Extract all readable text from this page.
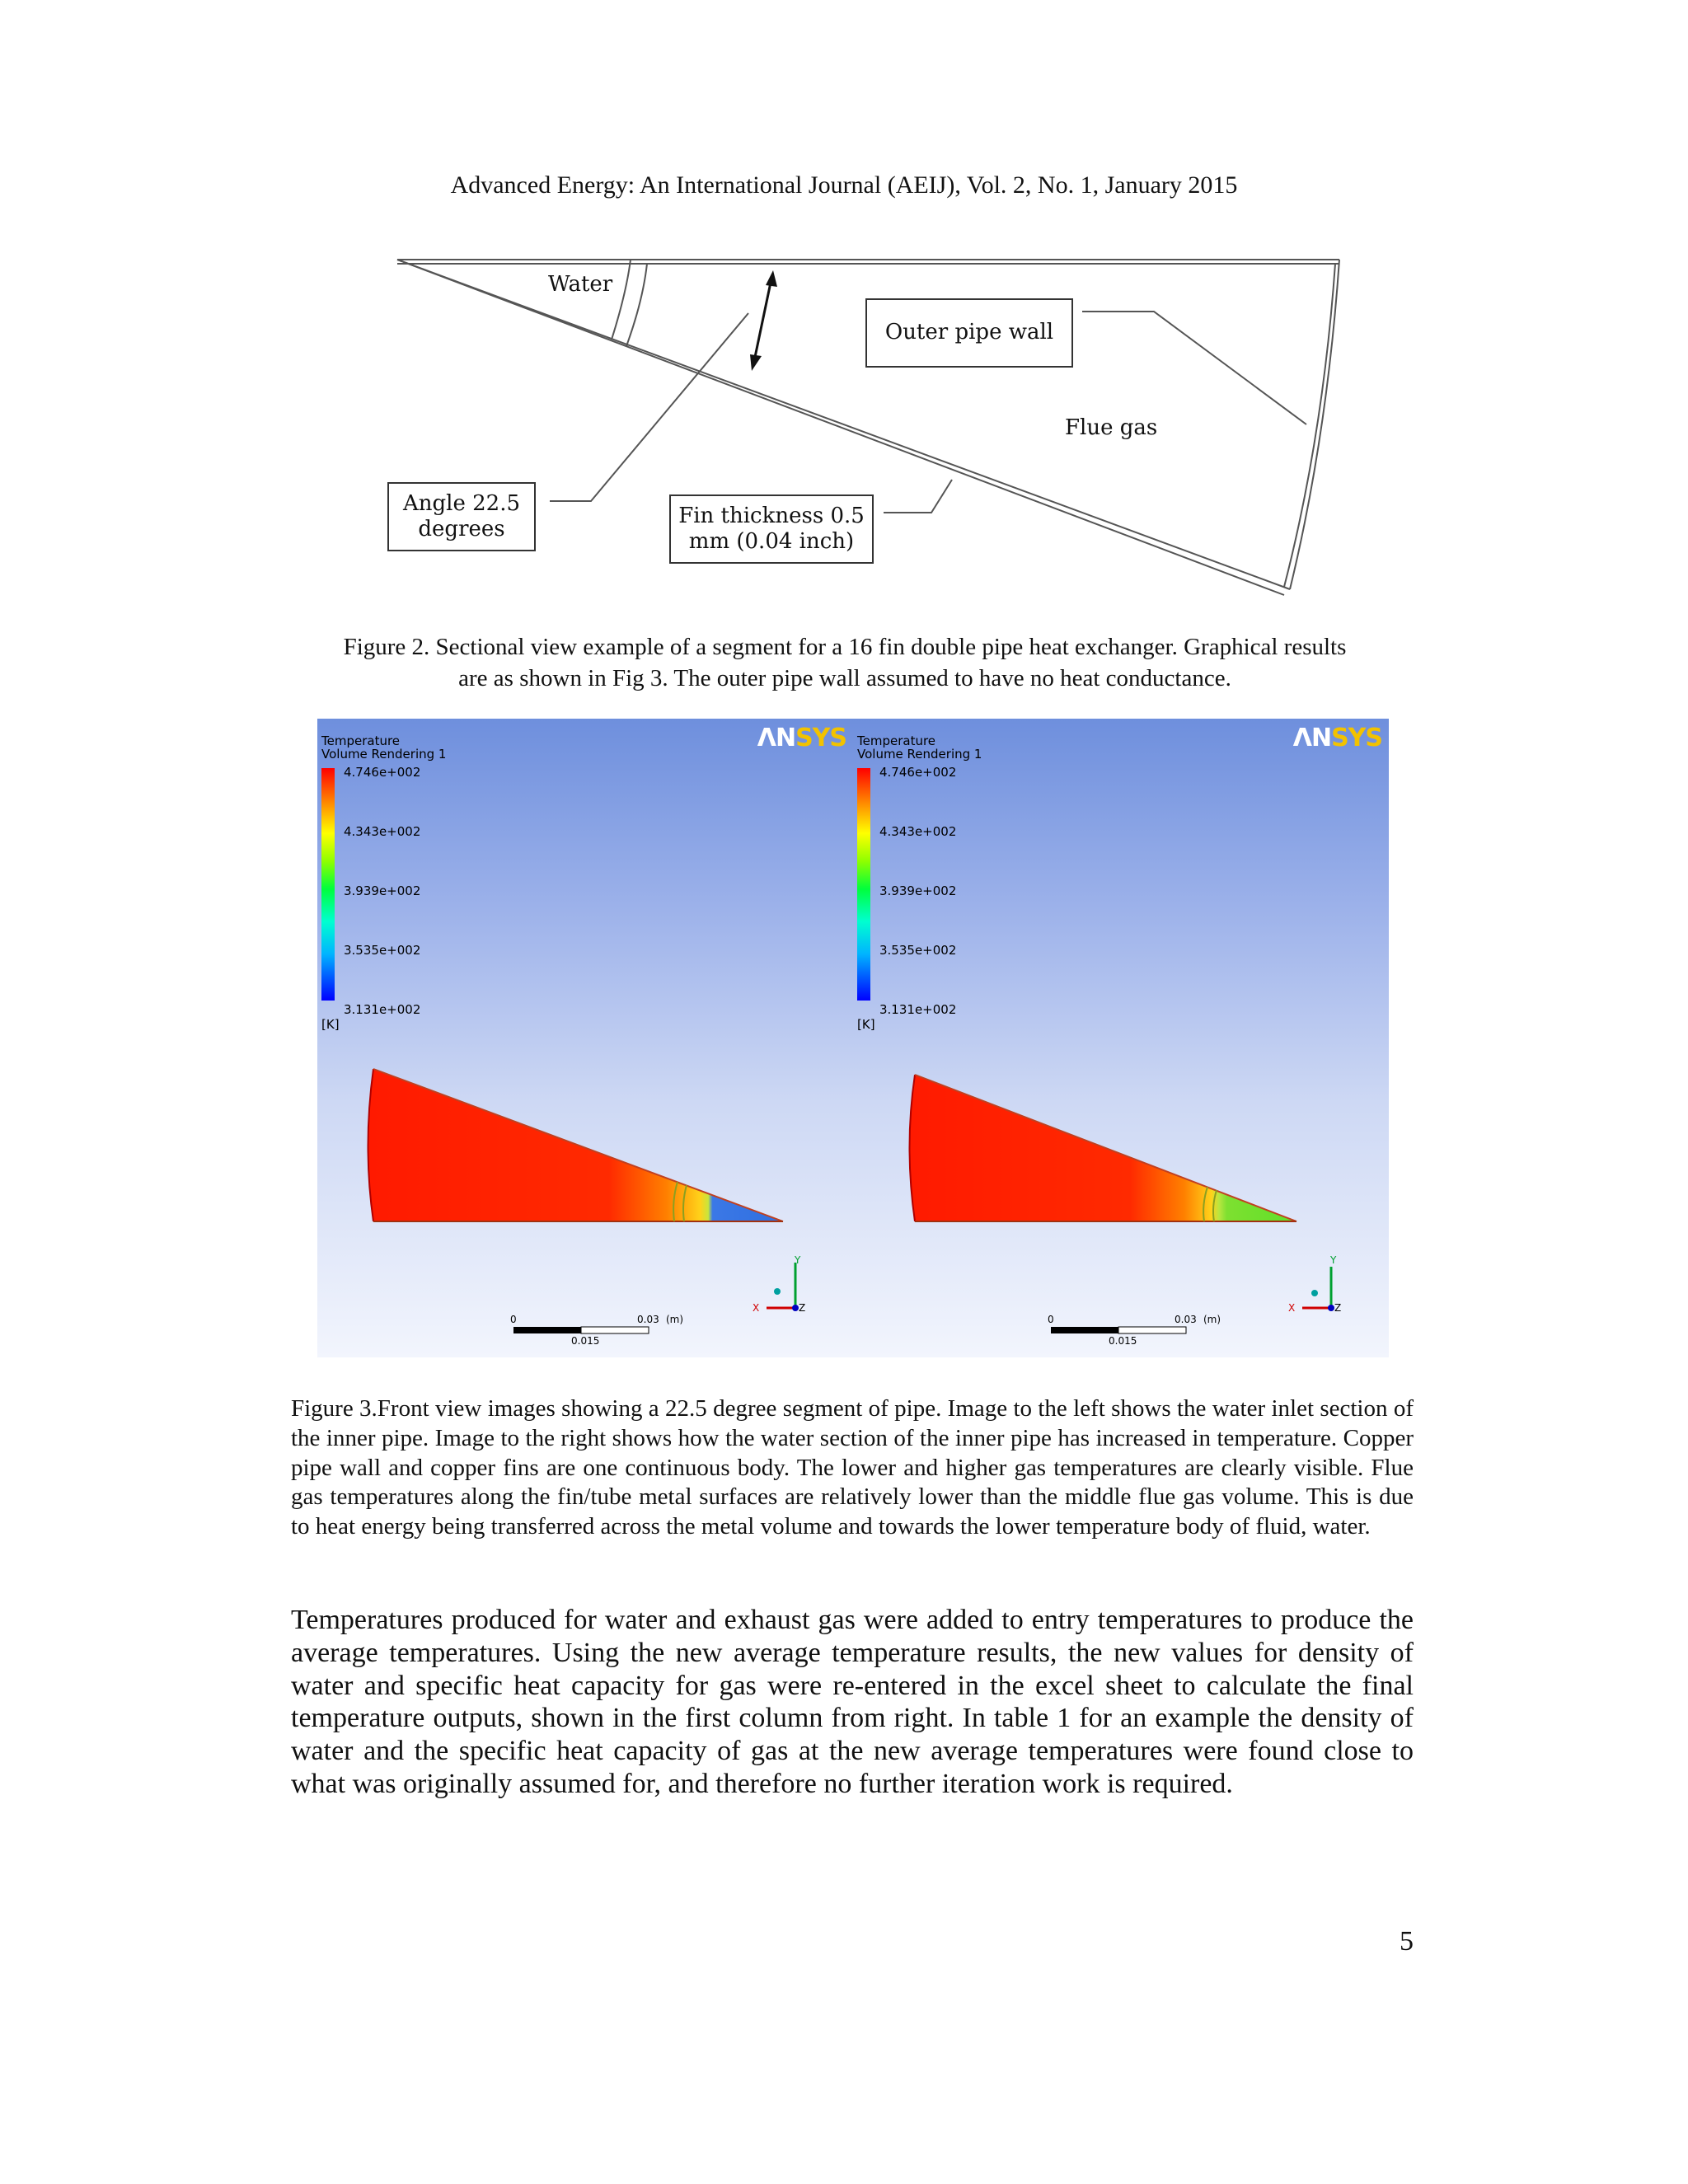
Advanced Energy: An International Journal (AEIJ), Vol. 2, No. 1, January 2015
Water
Outer pipe wall
Flue gas
Angle 22.5 degrees
Fin thickness 0.5 mm (0.04 inch)
Figure 2. Sectional view example of a segment for a 16 fin double pipe heat exchanger. Graphical results
are as shown in Fig 3. The outer pipe wall assumed to have no heat conductance.
ΛNSYS
Temperature
Volume Rendering 1
4.746e+002
4.343e+002
3.939e+002
3.535e+002
3.131e+002
[K]
0	0.03 (m)
0.015
Y
X	Z
ΛNSYS
Temperature
Volume Rendering 1
4.746e+002
4.343e+002
3.939e+002
3.535e+002
3.131e+002
[K]
0	0.03 (m)
0.015
Y
X	Z
Figure 3.Front view images showing a 22.5 degree segment of pipe. Image to the left shows the water inlet section of the inner pipe. Image to the right shows how the water section of the inner pipe has increased in temperature. Copper pipe wall and copper fins are one continuous body. The lower and higher gas temperatures are clearly visible. Flue gas temperatures along the fin/tube metal surfaces are relatively lower than the middle flue gas volume. This is due to heat energy being transferred across the metal volume and towards the lower temperature body of fluid, water.
Temperatures produced for water and exhaust gas were added to entry temperatures to produce the average temperatures. Using the new average temperature results, the new values for density of water and specific heat capacity for gas were re-entered in the excel sheet to calculate the final temperature outputs, shown in the first column from right. In table 1 for an example the density of water and the specific heat capacity of gas at the new average temperatures were found close to what was originally assumed for, and therefore no further iteration work is required.
5
